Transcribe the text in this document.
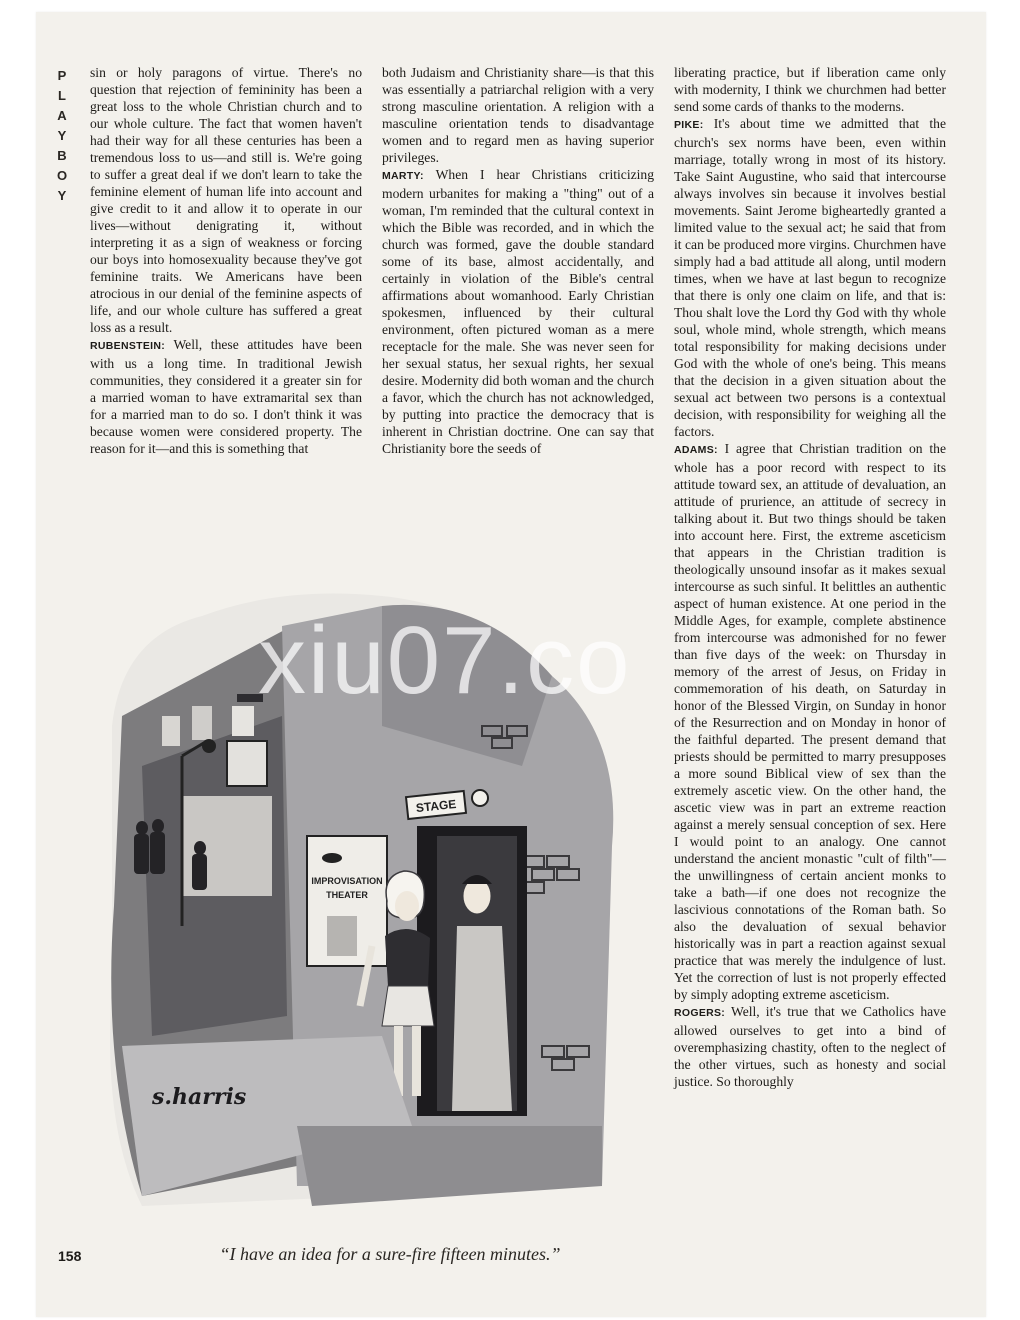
P
L
A
Y
B
O
Y

sin or holy paragons of virtue. There's no question that rejection of femininity has been a great loss to the whole Christian church and to our whole culture. The fact that women haven't had their way for all these centuries has been a tremendous loss to us—and still is. We're going to suffer a great deal if we don't learn to take the feminine element of human life into account and give credit to it and allow it to operate in our lives—without denigrating it, without interpreting it as a sign of weakness or forcing our boys into homosexuality because they've got feminine traits. We Americans have been atrocious in our denial of the feminine aspects of life, and our whole culture has suffered a great loss as a result.

RUBENSTEIN: Well, these attitudes have been with us a long time. In traditional Jewish communities, they considered it a greater sin for a married woman to have extramarital sex than for a married man to do so. I don't think it was because women were considered property. The reason for it—and this is something that

both Judaism and Christianity share—is that this was essentially a patriarchal religion with a very strong masculine orientation. A religion with a masculine orientation tends to disadvantage women and to regard men as having superior privileges.

MARTY: When I hear Christians criticizing modern urbanites for making a "thing" out of a woman, I'm reminded that the cultural context in which the Bible was recorded, and in which the church was formed, gave the double standard some of its base, almost accidentally, and certainly in violation of the Bible's central affirmations about womanhood. Early Christian spokesmen, influenced by their cultural environment, often pictured woman as a mere receptacle for the male. She was never seen for her sexual status, her sexual rights, her sexual desire. Modernity did both woman and the church a favor, which the church has not acknowledged, by putting into practice the democracy that is inherent in Christian doctrine. One can say that Christianity bore the seeds of

liberating practice, but if liberation came only with modernity, I think we churchmen had better send some cards of thanks to the moderns.

PIKE: It's about time we admitted that the church's sex norms have been, even within marriage, totally wrong in most of its history. Take Saint Augustine, who said that intercourse always involves sin because it involves bestial movements. Saint Jerome bigheartedly granted a limited value to the sexual act; he said that from it can be produced more virgins. Churchmen have simply had a bad attitude all along, until modern times, when we have at last begun to recognize that there is only one claim on life, and that is: Thou shalt love the Lord thy God with thy whole soul, whole mind, whole strength, which means total responsibility for making decisions under God with the whole of one's being. This means that the decision in a given situation about the sexual act between two persons is a contextual decision, with responsibility for weighing all the factors.

ADAMS: I agree that Christian tradition on the whole has a poor record with respect to its attitude toward sex, an attitude of devaluation, an attitude of prurience, an attitude of secrecy in talking about it. But two things should be taken into account here. First, the extreme asceticism that appears in the Christian tradition is theologically unsound insofar as it makes sexual intercourse as such sinful. It belittles an authentic aspect of human existence. At one period in the Middle Ages, for example, complete abstinence from intercourse was admonished for no fewer than five days of the week: on Thursday in memory of the arrest of Jesus, on Friday in commemoration of his death, on Saturday in honor of the Blessed Virgin, on Sunday in honor of the Resurrection and on Monday in honor of the faithful departed. The present demand that priests should be permitted to marry presupposes a more sound Biblical view of sex than the extremely ascetic view. On the other hand, the ascetic view was in part an extreme reaction against a merely sensual conception of sex. Here I would point to an analogy. One cannot understand the ancient monastic "cult of filth"—the unwillingness of certain ancient monks to take a bath—if one does not recognize the lascivious connotations of the Roman bath. So also the devaluation of sexual behavior historically was in part a reaction against sexual practice that was merely the indulgence of lust. Yet the correction of lust is not properly effected by simply adopting extreme asceticism.

ROGERS: Well, it's true that we Catholics have allowed ourselves to get into a bind of overemphasizing chastity, often to the neglect of the other virtues, such as honesty and social justice. So thoroughly

STAGE
IMPROVISATION
THEATER
s.harris
xiu07.co
158	“I have an idea for a sure-fire fifteen minutes.”
